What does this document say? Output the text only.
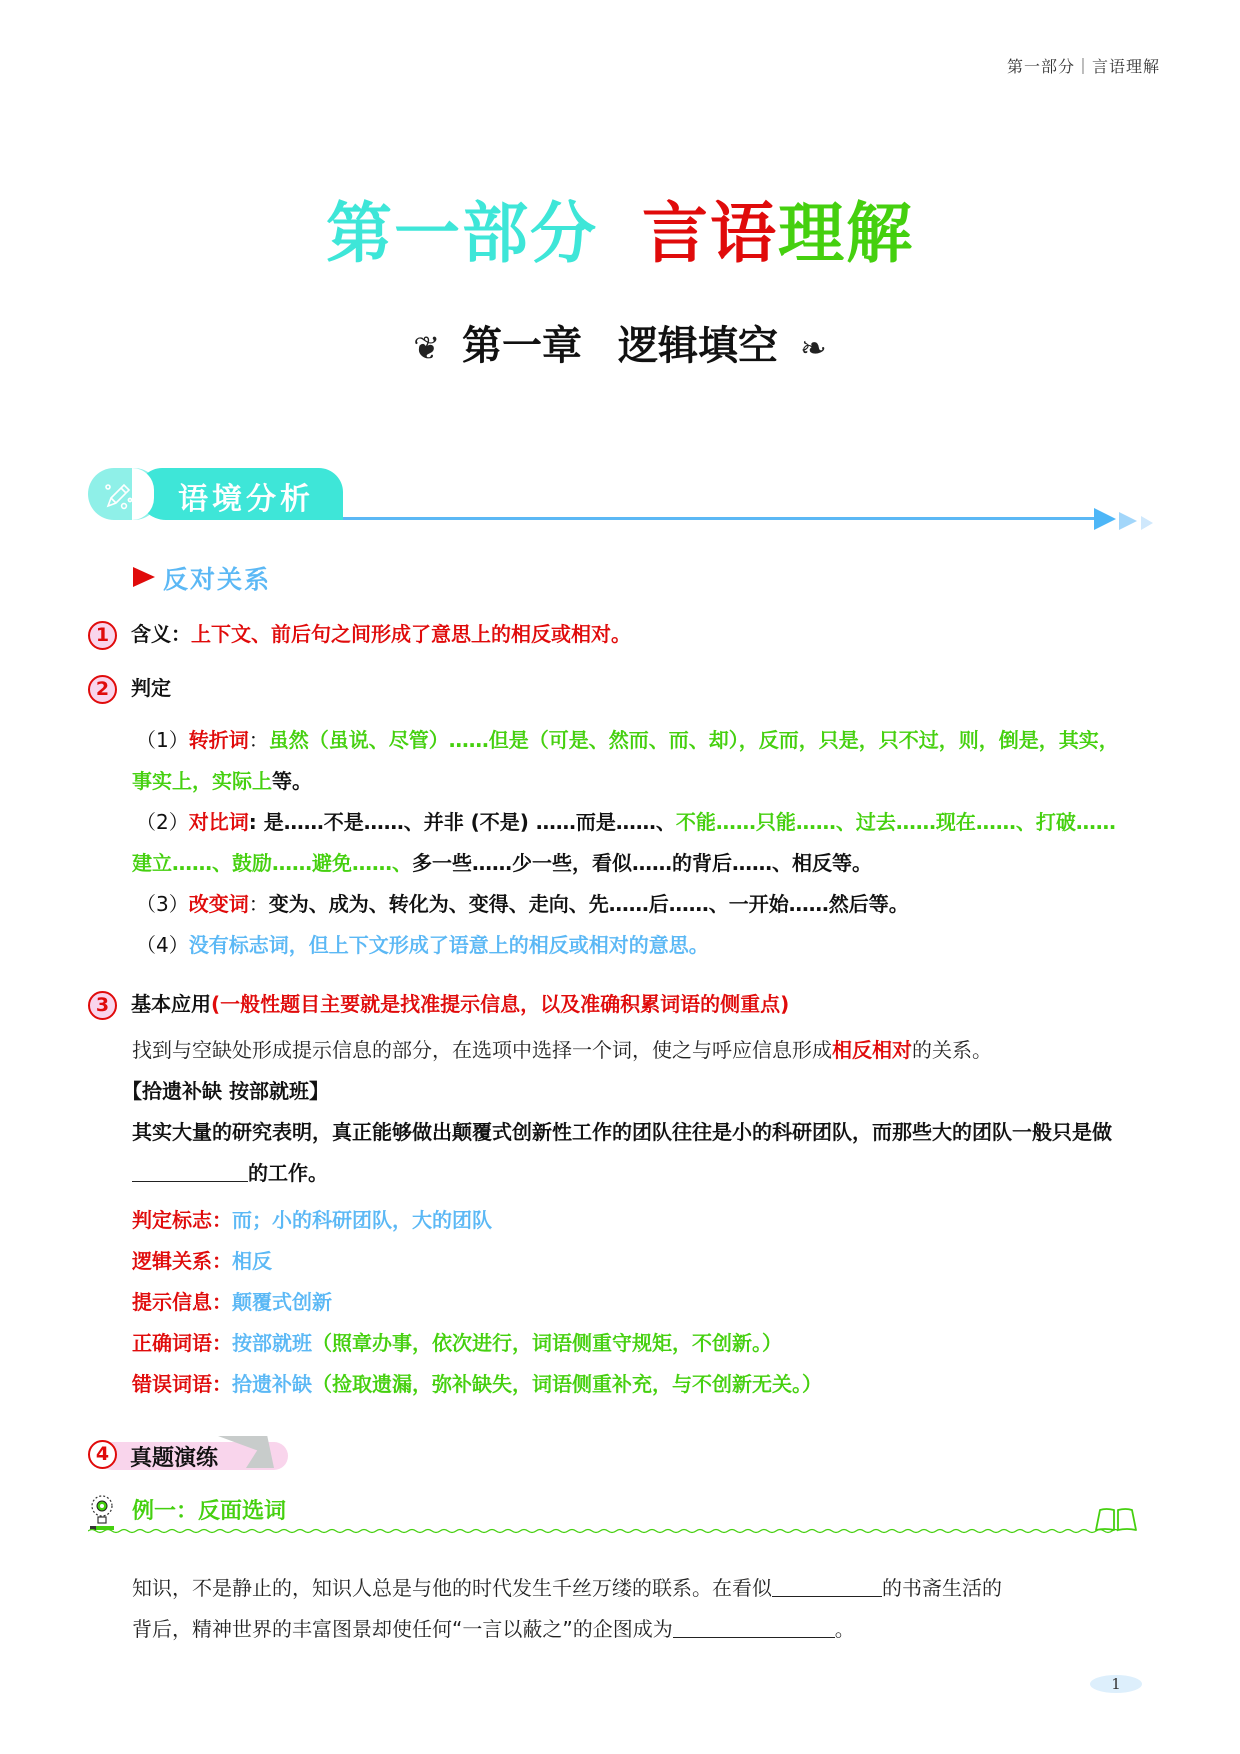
第一部分｜言语理解
第一部分 言语理解
❦ 第一章 逻辑填空 ❧
语境分析
反对关系
1 含义：上下文、前后句之间形成了意思上的相反或相对。
2 判定
（1）转折词：虽然（虽说、尽管）……但是（可是、然而、而、却），反而，只是，只不过，则，倒是，其实，事实上，实际上等。
（2）对比词: 是……不是……、并非 (不是) ……而是……、不能……只能……、过去……现在……、打破……建立……、鼓励……避免……、多一些……少一些，看似……的背后……、相反等。
（3）改变词：变为、成为、转化为、变得、走向、先……后……、一开始……然后等。
（4）没有标志词，但上下文形成了语意上的相反或相对的意思。
3 基本应用(一般性题目主要就是找准提示信息，以及准确积累词语的侧重点)
找到与空缺处形成提示信息的部分，在选项中选择一个词，使之与呼应信息形成相反相对的关系。
【拾遗补缺 按部就班】
其实大量的研究表明，真正能够做出颠覆式创新性工作的团队往往是小的科研团队，而那些大的团队一般只是做的工作。
判定标志：而；小的科研团队，大的团队
逻辑关系：相反
提示信息：颠覆式创新
正确词语：按部就班（照章办事，依次进行，词语侧重守规矩，不创新。）
错误词语：拾遗补缺（捡取遗漏，弥补缺失，词语侧重补充，与不创新无关。）
4 真题演练
例一：反面选词
知识，不是静止的，知识人总是与他的时代发生千丝万缕的联系。在看似	的书斋生活的
背后，精神世界的丰富图景却使任何“一言以蔽之”的企图成为	。
1
